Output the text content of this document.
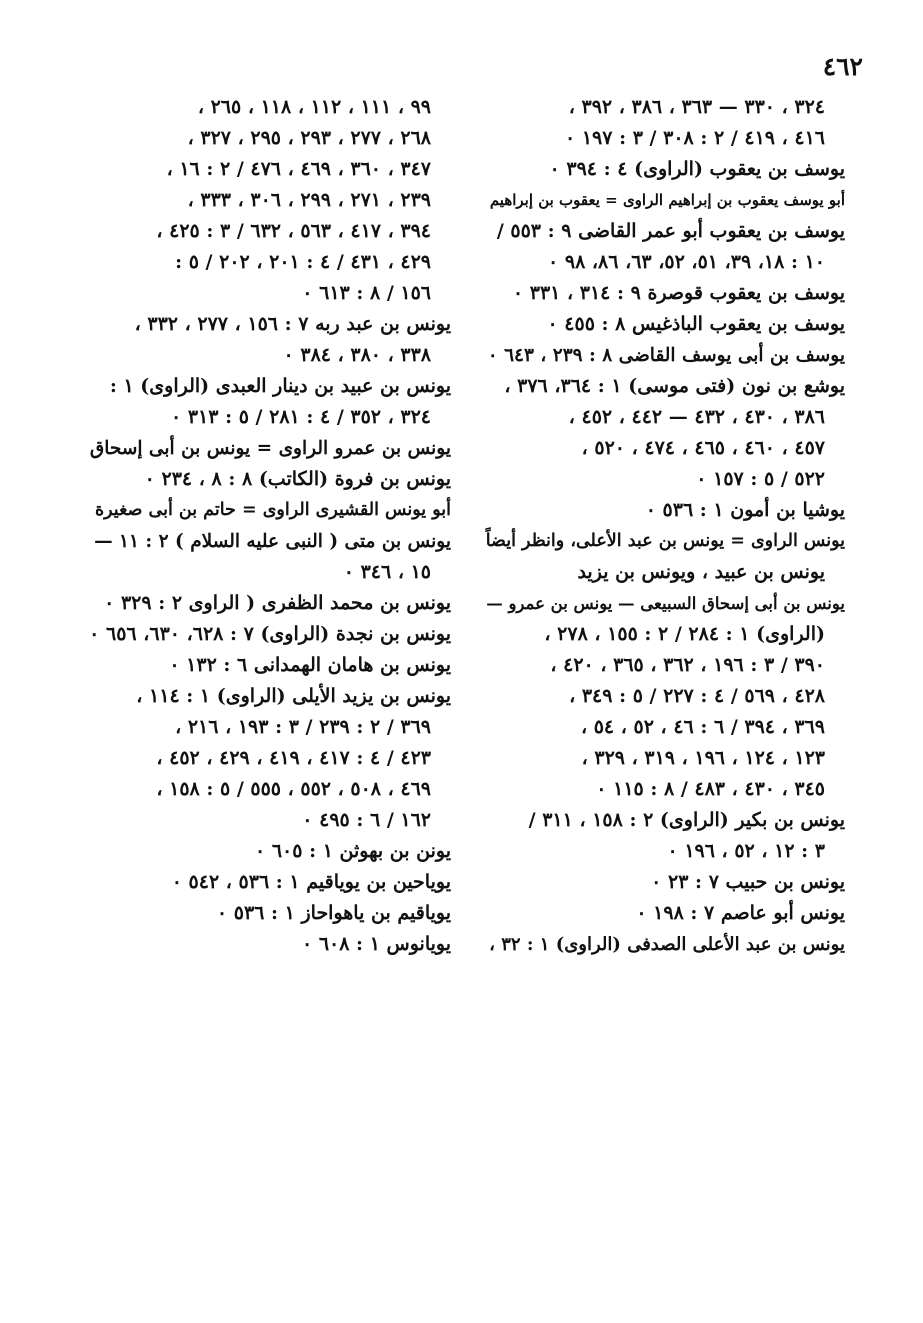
٤٦٢

٣٢٤ ، ٣٣٠ — ٣٦٣ ، ٣٨٦ ، ٣٩٢ ،
٤١٦ ، ٤١٩ / ٢ : ٣٠٨ / ٣ : ١٩٧ ٠
يوسف بن يعقوب (الراوى) ٤ : ٣٩٤ ٠
أبو يوسف يعقوب بن إبراهيم الراوى = يعقوب بن إبراهيم
يوسف بن يعقوب أبو عمر القاضى ٩ : ٥٥٣ /
١٠ : ١٨، ٣٩، ٥١، ٥٢، ٦٣، ٨٦، ٩٨ ٠
يوسف بن يعقوب قوصرة ٩ : ٣١٤ ، ٣٣١ ٠
يوسف بن يعقوب الباذغيس ٨ : ٤٥٥ ٠
يوسف بن أبى يوسف القاضى ٨ : ٢٣٩ ، ٦٤٣ ٠
يوشع بن نون (فتى موسى) ١ : ٣٦٤، ٣٧٦ ،
٣٨٦ ، ٤٣٠ ، ٤٣٢ — ٤٤٢ ، ٤٥٢ ،
٤٥٧ ، ٤٦٠ ، ٤٦٥ ، ٤٧٤ ، ٥٢٠ ،
٥٢٢ / ٥ : ١٥٧ ٠
يوشيا بن أمون ١ : ٥٣٦ ٠
يونس الراوى = يونس بن عبد الأعلى، وانظر أيضاً
يونس بن عبيد ، ويونس بن يزيد
يونس بن أبى إسحاق السبيعى — يونس بن عمرو —
(الراوى) ١ : ٢٨٤ / ٢ : ١٥٥ ، ٢٧٨ ،
٣٩٠ / ٣ : ١٩٦ ، ٣٦٢ ، ٣٦٥ ، ٤٢٠ ،
٤٢٨ ، ٥٦٩ / ٤ : ٢٢٧ / ٥ : ٣٤٩ ،
٣٦٩ ، ٣٩٤ / ٦ : ٤٦ ، ٥٢ ، ٥٤ ،
١٢٣ ، ١٢٤ ، ١٩٦ ، ٣١٩ ، ٣٢٩ ،
٣٤٥ ، ٤٣٠ ، ٤٨٣ / ٨ : ١١٥ ٠
يونس بن بكير (الراوى) ٢ : ١٥٨ ، ٣١١ /
٣ : ١٢ ، ٥٢ ، ١٩٦ ٠
يونس بن حبيب ٧ : ٢٣ ٠
يونس أبو عاصم ٧ : ١٩٨ ٠
يونس بن عبد الأعلى الصدفى (الراوى) ١ : ٣٢ ،
٩٩ ، ١١١ ، ١١٢ ، ١١٨ ، ٢٦٥ ،
٢٦٨ ، ٢٧٧ ، ٢٩٣ ، ٢٩٥ ، ٣٢٧ ،
٣٤٧ ، ٣٦٠ ، ٤٦٩ ، ٤٧٦ / ٢ : ١٦ ،
٢٣٩ ، ٢٧١ ، ٢٩٩ ، ٣٠٦ ، ٣٣٣ ،
٣٩٤ ، ٤١٧ ، ٥٦٣ ، ٦٣٢ / ٣ : ٤٢٥ ،
٤٢٩ ، ٤٣١ / ٤ : ٢٠١ ، ٢٠٢ / ٥ :
١٥٦ / ٨ : ٦١٣ ٠
يونس بن عبد ربه ٧ : ١٥٦ ، ٢٧٧ ، ٣٣٢ ،
٣٣٨ ، ٣٨٠ ، ٣٨٤ ٠
يونس بن عبيد بن دينار العبدى (الراوى) ١ :
٣٢٤ ، ٣٥٢ / ٤ : ٢٨١ / ٥ : ٣١٣ ٠
يونس بن عمرو الراوى = يونس بن أبى إسحاق
يونس بن فروة (الكاتب) ٨ : ٨ ، ٢٣٤ ٠
أبو يونس القشيرى الراوى = حاتم بن أبى صغيرة
يونس بن متى ( النبى عليه السلام ) ٢ : ١١ —
١٥ ، ٣٤٦ ٠
يونس بن محمد الظفرى ( الراوى ٢ : ٣٢٩ ٠
يونس بن نجدة (الراوى) ٧ : ٦٢٨، ٦٣٠، ٦٥٦ ٠
يونس بن هامان الهمدانى ٦ : ١٣٢ ٠
يونس بن يزيد الأيلى (الراوى) ١ : ١١٤ ،
٣٦٩ / ٢ : ٢٣٩ / ٣ : ١٩٣ ، ٢١٦ ،
٤٢٣ / ٤ : ٤١٧ ، ٤١٩ ، ٤٢٩ ، ٤٥٢ ،
٤٦٩ ، ٥٠٨ ، ٥٥٢ ، ٥٥٥ / ٥ : ١٥٨ ،
١٦٢ / ٦ : ٤٩٥ ٠
يونن بن بهوثن ١ : ٦٠٥ ٠
يوياحين بن يوياقيم ١ : ٥٣٦ ، ٥٤٢ ٠
يوياقيم بن ياهواحاز ١ : ٥٣٦ ٠
يويانوس ١ : ٦٠٨ ٠
